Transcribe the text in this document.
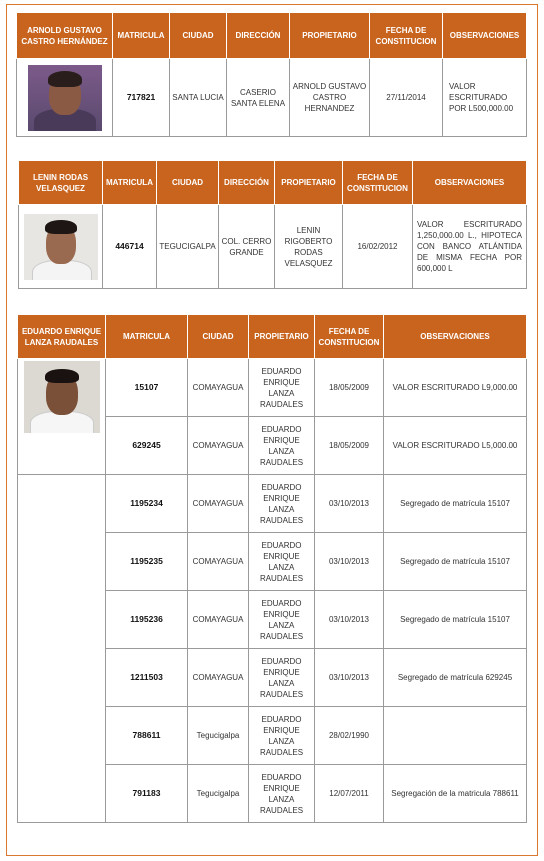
ARNOLD GUSTAVO CASTRO HERNÁNDEZ	MATRICULA	CIUDAD	DIRECCIÓN	PROPIETARIO	FECHA DE CONSTITUCION	OBSERVACIONES

	717821	SANTA LUCIA	CASERIO SANTA ELENA	ARNOLD GUSTAVO CASTRO HERNANDEZ	27/11/2014	VALOR ESCRITURADO POR L500,000.00
LENIN RODAS VELASQUEZ	MATRICULA	CIUDAD	DIRECCIÓN	PROPIETARIO	FECHA DE CONSTITUCION	OBSERVACIONES

	446714	TEGUCIGALPA	COL. CERRO GRANDE	LENIN RIGOBERTO RODAS VELASQUEZ	16/02/2012	VALOR ESCRITURADO 1,250,000.00 L., HIPOTECA CON BANCO ATLÁNTIDA DE MISMA FECHA POR 600,000 L
EDUARDO ENRIQUE LANZA RAUDALES	MATRICULA	CIUDAD	PROPIETARIO	FECHA DE CONSTITUCION	OBSERVACIONES

	15107	COMAYAGUA	EDUARDO ENRIQUE LANZA RAUDALES	18/05/2009	VALOR ESCRITURADO L9,000.00
	629245	COMAYAGUA	EDUARDO ENRIQUE LANZA RAUDALES	18/05/2009	VALOR ESCRITURADO L5,000.00
	1195234	COMAYAGUA	EDUARDO ENRIQUE LANZA RAUDALES	03/10/2013	Segregado de matrícula 15107
	1195235	COMAYAGUA	EDUARDO ENRIQUE LANZA RAUDALES	03/10/2013	Segregado de matrícula 15107
	1195236	COMAYAGUA	EDUARDO ENRIQUE LANZA RAUDALES	03/10/2013	Segregado de matrícula 15107
	1211503	COMAYAGUA	EDUARDO ENRIQUE LANZA RAUDALES	03/10/2013	Segregado de matrícula 629245
	788611	Tegucigalpa	EDUARDO ENRIQUE LANZA RAUDALES	28/02/1990	
	791183	Tegucigalpa	EDUARDO ENRIQUE LANZA RAUDALES	12/07/2011	Segregación de la matricula 788611
